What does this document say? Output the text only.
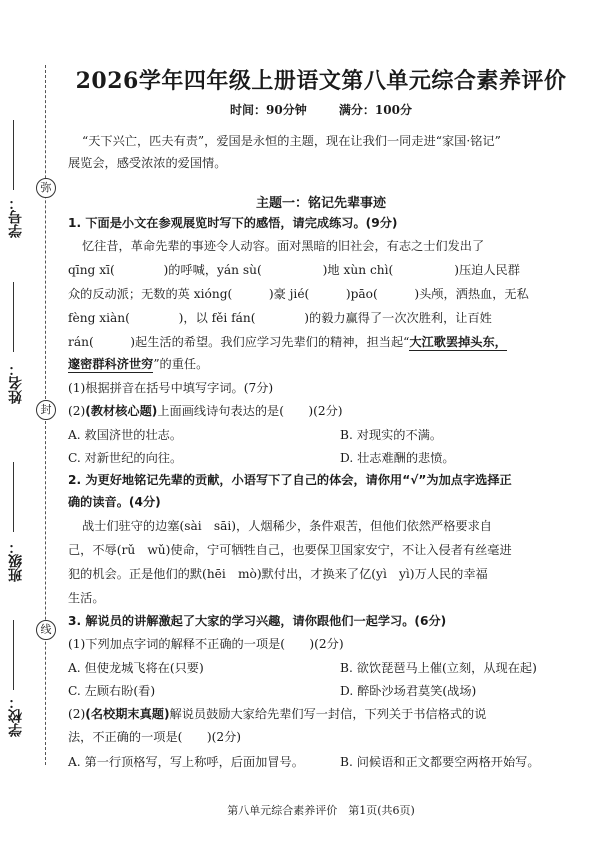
弥
封
线
学号：
姓名：
班级：
学校：
2026学年四年级上册语文第八单元综合素养评价
时间：90分钟	满分：100分
“天下兴亡，匹夫有责”，爱国是永恒的主题，现在让我们一同走进“家国·铭记”
展览会，感受浓浓的爱国情。
主题一：铭记先辈事迹
1. 下面是小文在参观展览时写下的感悟，请完成练习。(9分)
忆往昔，革命先辈的事迹令人动容。面对黑暗的旧社会，有志之士们发出了
qīng xī(　　　　)的呼喊，yán sù(　　　　　)地 xùn chì(　　　　　)压迫人民群
众的反动派；无数的英 xióng(　　　)豪 jié(　　　)pāo(　　　)头颅，洒热血，无私
fèng xiàn(　　　　)，以 fěi fán(　　　　)的毅力赢得了一次次胜利，让百姓
rán(　　　)起生活的希望。我们应学习先辈们的精神，担当起“大江歌罢掉头东，
邃密群科济世穷”的重任。
(1)根据拼音在括号中填写字词。(7分)
(2)(教材核心题)上面画线诗句表达的是(　　)(2分)
A. 救国济世的壮志。	B. 对现实的不满。
C. 对新世纪的向往。	D. 壮志难酬的悲愤。
2. 为更好地铭记先辈的贡献，小语写下了自己的体会，请你用“√”为加点字选择正
确的读音。(4分)
战士们驻守的边塞(sài　sāi)，人烟稀少，条件艰苦，但他们依然严格要求自
己，不辱(rǔ　wǔ)使命，宁可牺牲自己，也要保卫国家安宁，不让入侵者有丝毫进
犯的机会。正是他们的默(hēi　mò)默付出，才换来了亿(yì　yì)万人民的幸福
生活。
3. 解说员的讲解激起了大家的学习兴趣，请你跟他们一起学习。(6分)
(1)下列加点字词的解释不正确的一项是(　　)(2分)
A. 但使龙城飞将在(只要)	B. 欲饮琵琶马上催(立刻，从现在起)
C. 左顾右盼(看)	D. 醉卧沙场君莫笑(战场)
(2)(名校期末真题)解说员鼓励大家给先辈们写一封信，下列关于书信格式的说
法，不正确的一项是(　　)(2分)
A. 第一行顶格写，写上称呼，后面加冒号。	B. 问候语和正文都要空两格开始写。
第八单元综合素养评价　第1页(共6页)
